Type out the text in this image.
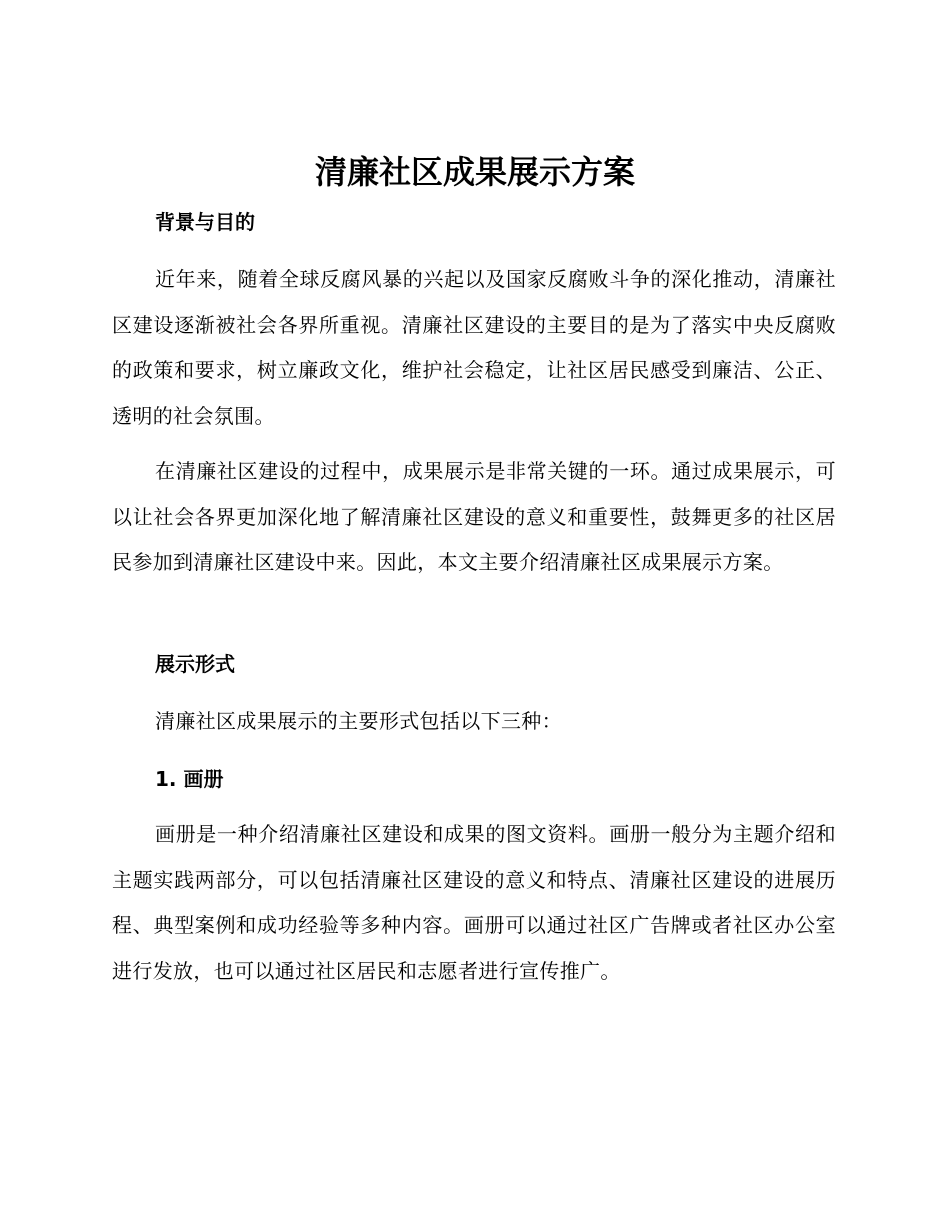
清廉社区成果展示方案
背景与目的

近年来，随着全球反腐风暴的兴起以及国家反腐败斗争的深化推动，清廉社区建设逐渐被社会各界所重视。清廉社区建设的主要目的是为了落实中央反腐败的政策和要求，树立廉政文化，维护社会稳定，让社区居民感受到廉洁、公正、透明的社会氛围。

在清廉社区建设的过程中，成果展示是非常关键的一环。通过成果展示，可以让社会各界更加深化地了解清廉社区建设的意义和重要性，鼓舞更多的社区居民参加到清廉社区建设中来。因此，本文主要介绍清廉社区成果展示方案。

展示形式
清廉社区成果展示的主要形式包括以下三种：
1. 画册

画册是一种介绍清廉社区建设和成果的图文资料。画册一般分为主题介绍和主题实践两部分，可以包括清廉社区建设的意义和特点、清廉社区建设的进展历程、典型案例和成功经验等多种内容。画册可以通过社区广告牌或者社区办公室进行发放，也可以通过社区居民和志愿者进行宣传推广。
